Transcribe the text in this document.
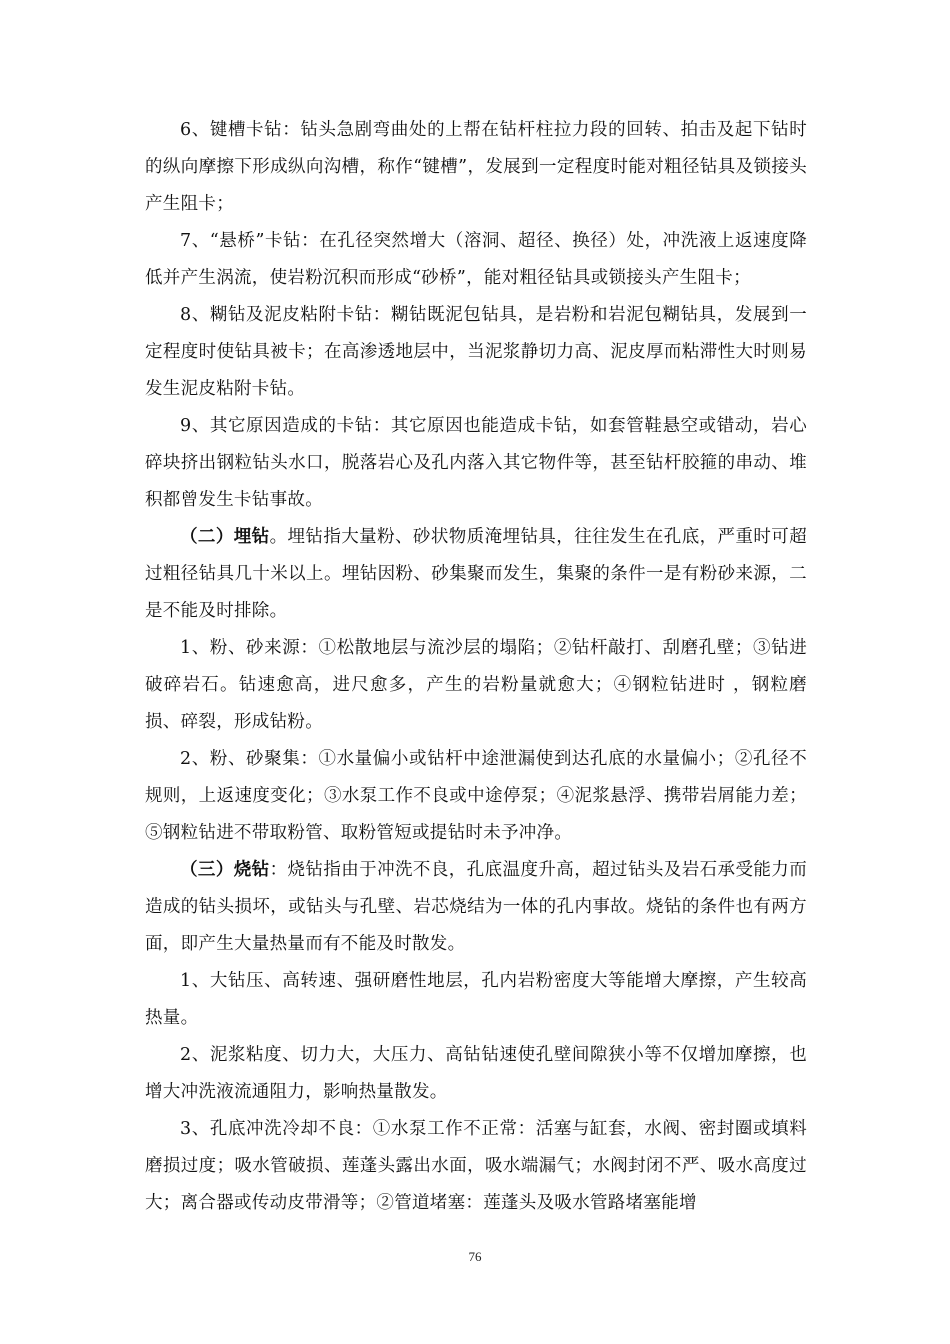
6、键槽卡钻：钻头急剧弯曲处的上帮在钻杆柱拉力段的回转、拍击及起下钻时的纵向摩擦下形成纵向沟槽，称作“键槽”，发展到一定程度时能对粗径钻具及锁接头产生阻卡；

7、“悬桥”卡钻：在孔径突然增大（溶洞、超径、换径）处，冲洗液上返速度降低并产生涡流，使岩粉沉积而形成“砂桥”，能对粗径钻具或锁接头产生阻卡；

8、糊钻及泥皮粘附卡钻：糊钻既泥包钻具，是岩粉和岩泥包糊钻具，发展到一定程度时使钻具被卡；在高渗透地层中，当泥浆静切力高、泥皮厚而粘滞性大时则易发生泥皮粘附卡钻。

9、其它原因造成的卡钻：其它原因也能造成卡钻，如套管鞋悬空或错动，岩心碎块挤出钢粒钻头水口，脱落岩心及孔内落入其它物件等，甚至钻杆胶箍的串动、堆积都曾发生卡钻事故。

（二）埋钻。埋钻指大量粉、砂状物质淹埋钻具，往往发生在孔底，严重时可超过粗径钻具几十米以上。埋钻因粉、砂集聚而发生，集聚的条件一是有粉砂来源，二是不能及时排除。

1、粉、砂来源：①松散地层与流沙层的塌陷；②钻杆敲打、刮磨孔壁；③钻进破碎岩石。钻速愈高，进尺愈多，产生的岩粉量就愈大；④钢粒钻进时 ，钢粒磨损、碎裂，形成钻粉。

2、粉、砂聚集：①水量偏小或钻杆中途泄漏使到达孔底的水量偏小；②孔径不规则，上返速度变化；③水泵工作不良或中途停泵；④泥浆悬浮、携带岩屑能力差；⑤钢粒钻进不带取粉管、取粉管短或提钻时未予冲净。

（三）烧钻：烧钻指由于冲洗不良，孔底温度升高，超过钻头及岩石承受能力而造成的钻头损坏，或钻头与孔壁、岩芯烧结为一体的孔内事故。烧钻的条件也有两方面，即产生大量热量而有不能及时散发。

1、大钻压、高转速、强研磨性地层，孔内岩粉密度大等能增大摩擦，产生较高热量。

2、泥浆粘度、切力大，大压力、高钻钻速使孔壁间隙狭小等不仅增加摩擦，也增大冲洗液流通阻力，影响热量散发。

3、孔底冲洗冷却不良：①水泵工作不正常：活塞与缸套，水阀、密封圈或填料磨损过度；吸水管破损、莲蓬头露出水面，吸水端漏气；水阀封闭不严、吸水高度过大；离合器或传动皮带滑等；②管道堵塞：莲蓬头及吸水管路堵塞能增

76
